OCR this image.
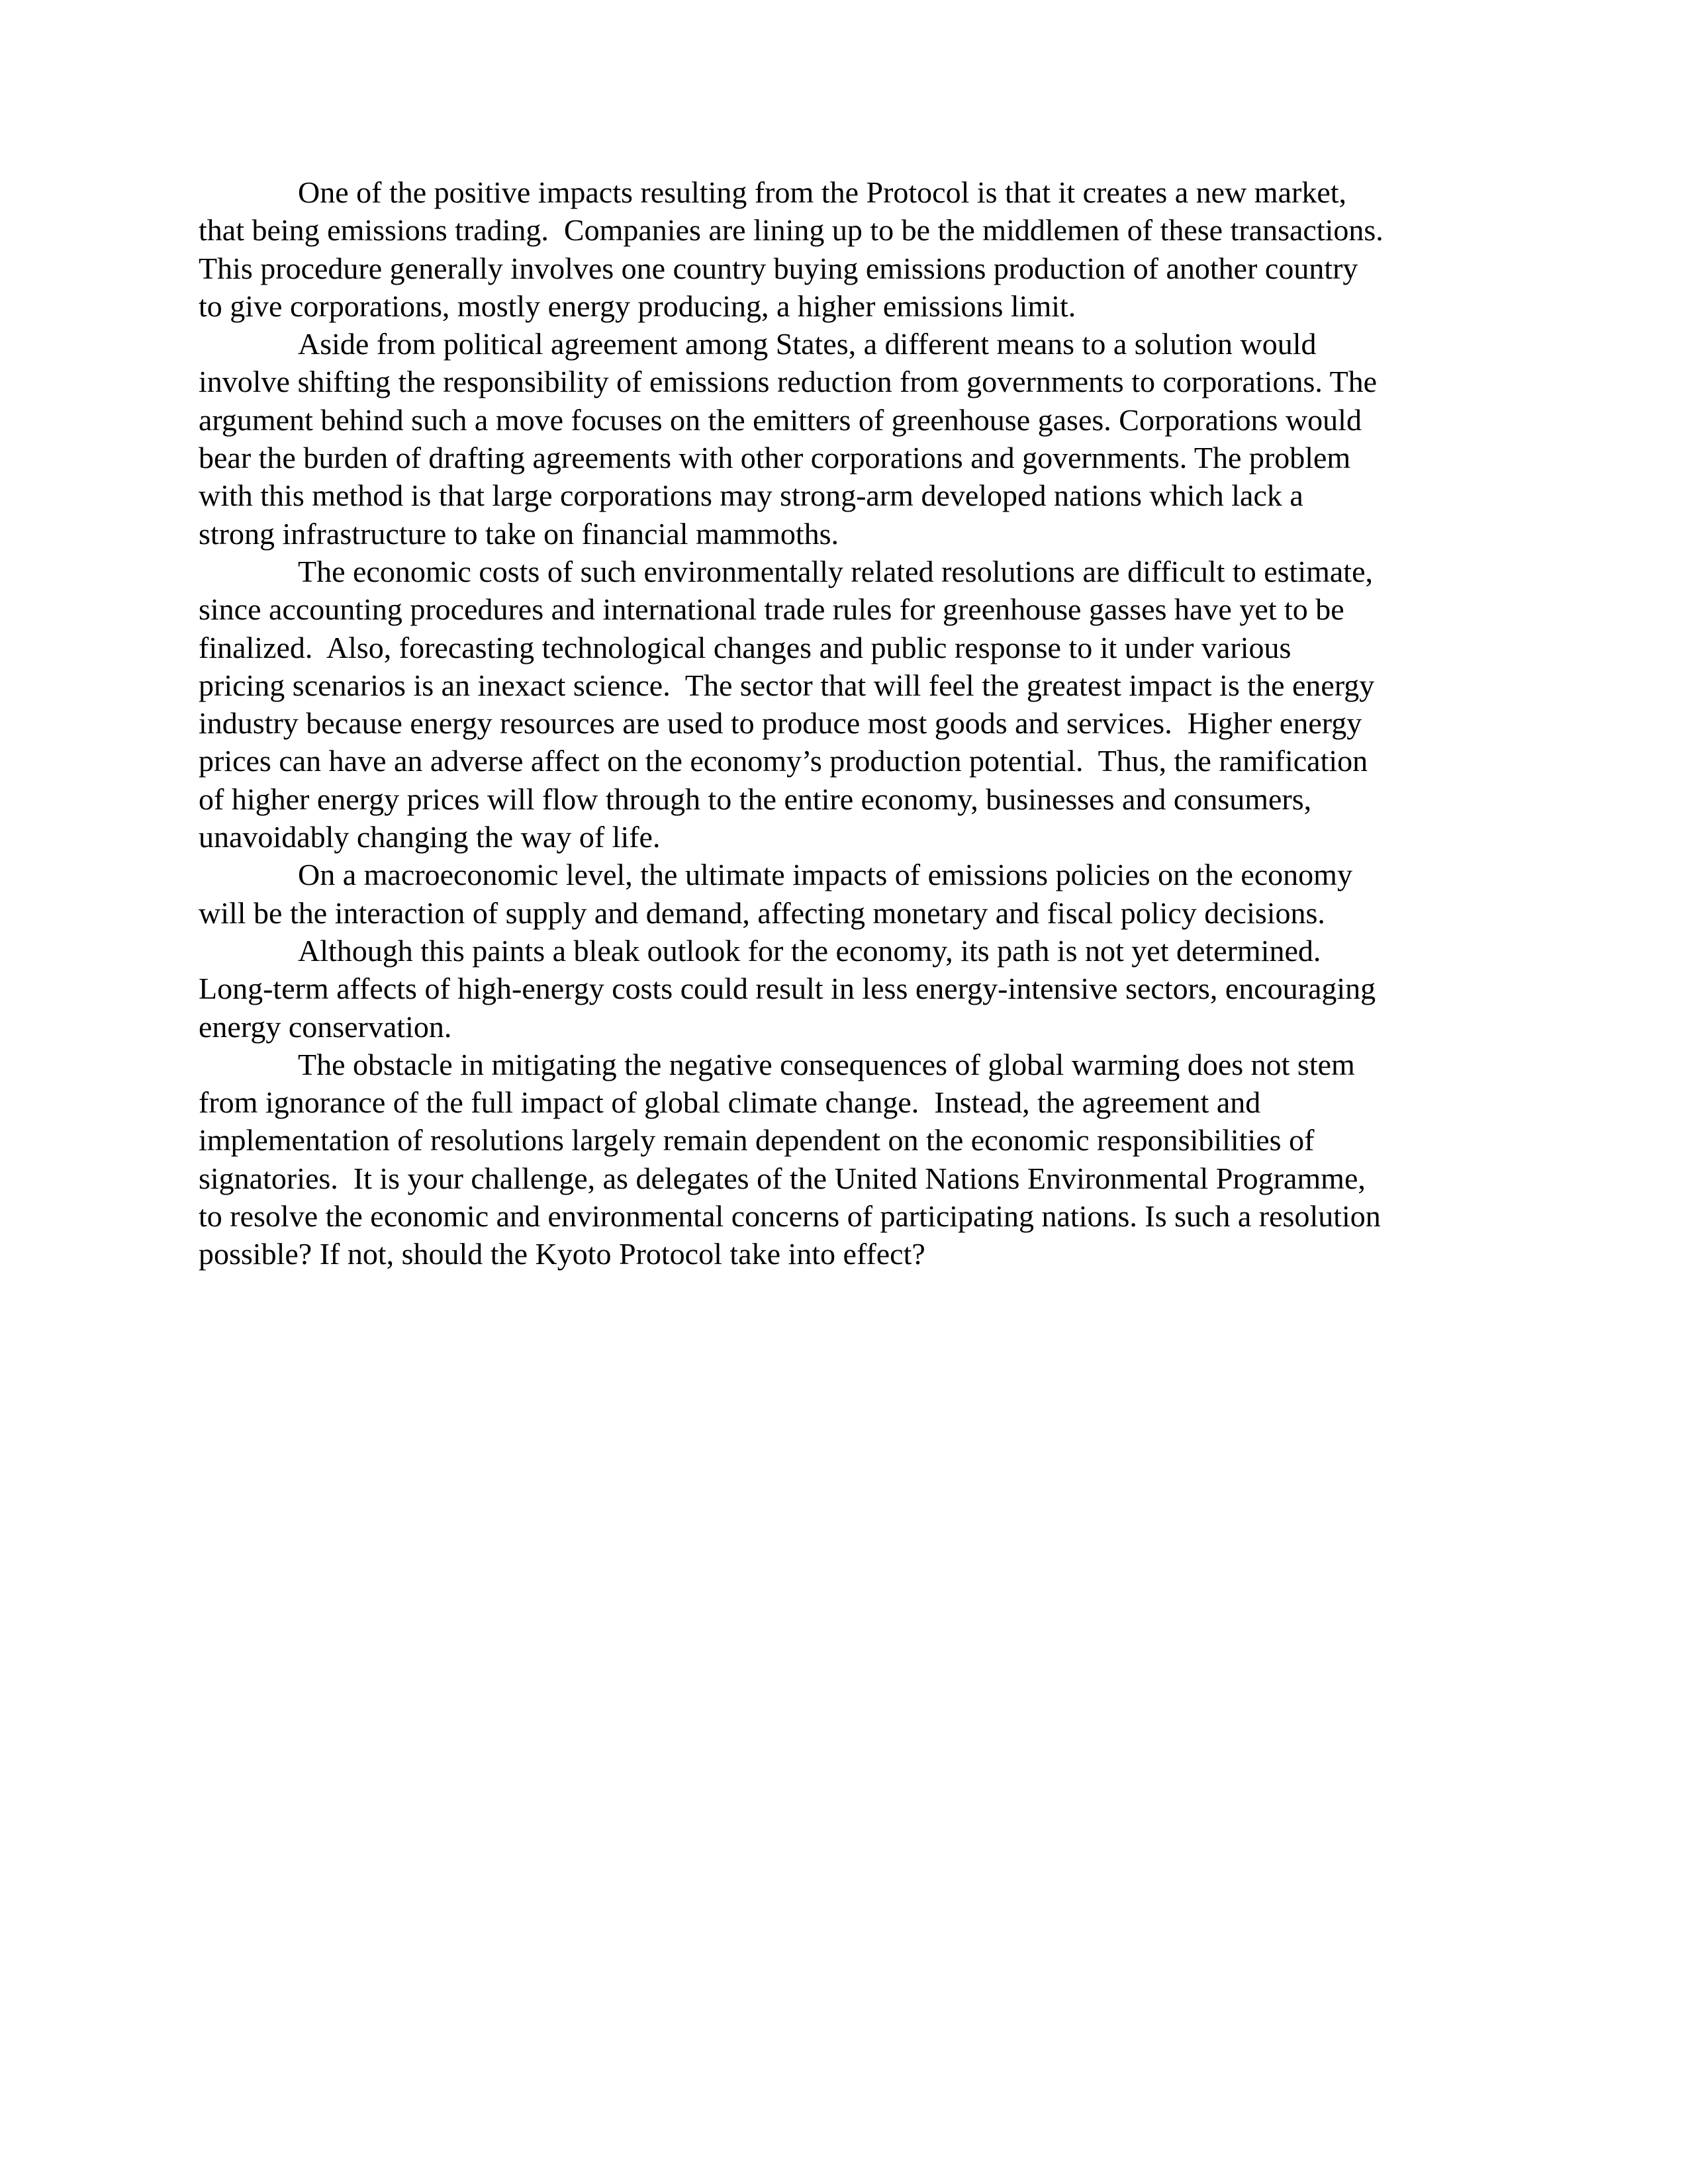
One of the positive impacts resulting from the Protocol is that it creates a new market,
that being emissions trading.  Companies are lining up to be the middlemen of these transactions.
This procedure generally involves one country buying emissions production of another country
to give corporations, mostly energy producing, a higher emissions limit.
Aside from political agreement among States, a different means to a solution would
involve shifting the responsibility of emissions reduction from governments to corporations. The
argument behind such a move focuses on the emitters of greenhouse gases. Corporations would
bear the burden of drafting agreements with other corporations and governments. The problem
with this method is that large corporations may strong-arm developed nations which lack a
strong infrastructure to take on financial mammoths.
The economic costs of such environmentally related resolutions are difficult to estimate,
since accounting procedures and international trade rules for greenhouse gasses have yet to be
finalized.  Also, forecasting technological changes and public response to it under various
pricing scenarios is an inexact science.  The sector that will feel the greatest impact is the energy
industry because energy resources are used to produce most goods and services.  Higher energy
prices can have an adverse affect on the economy’s production potential.  Thus, the ramification
of higher energy prices will flow through to the entire economy, businesses and consumers,
unavoidably changing the way of life.
On a macroeconomic level, the ultimate impacts of emissions policies on the economy
will be the interaction of supply and demand, affecting monetary and fiscal policy decisions.
Although this paints a bleak outlook for the economy, its path is not yet determined.
Long-term affects of high-energy costs could result in less energy-intensive sectors, encouraging
energy conservation.
The obstacle in mitigating the negative consequences of global warming does not stem
from ignorance of the full impact of global climate change.  Instead, the agreement and
implementation of resolutions largely remain dependent on the economic responsibilities of
signatories.  It is your challenge, as delegates of the United Nations Environmental Programme,
to resolve the economic and environmental concerns of participating nations. Is such a resolution
possible? If not, should the Kyoto Protocol take into effect?
